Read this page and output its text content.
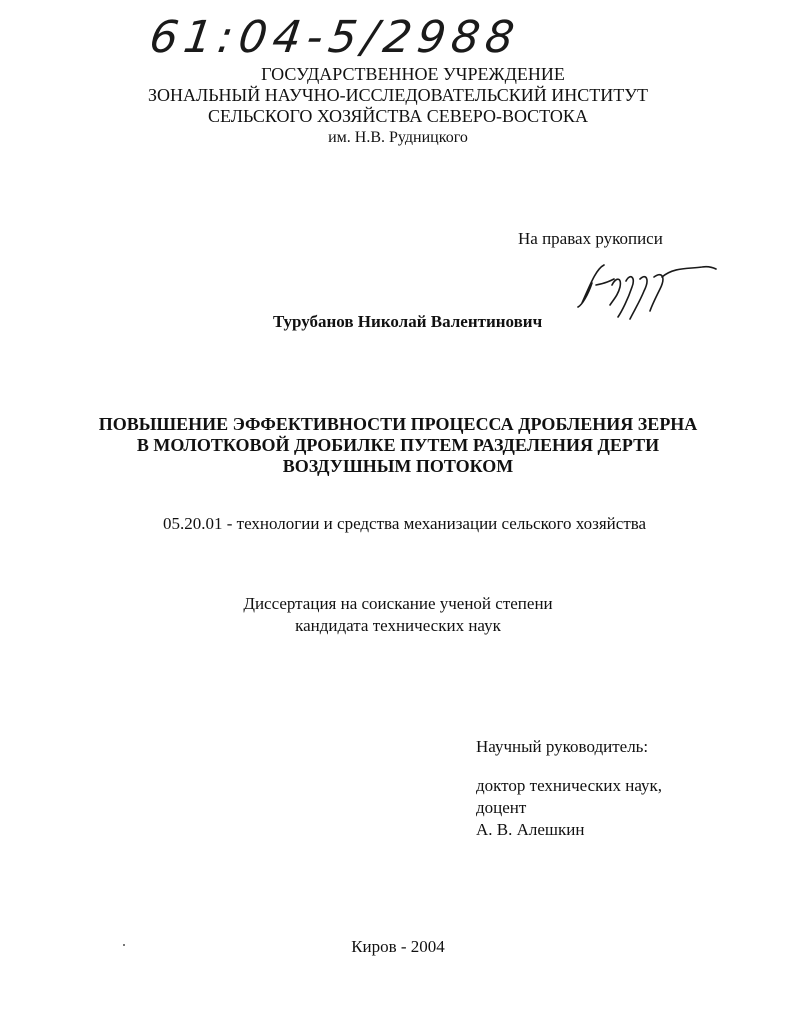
61:04-5/2988
ГОСУДАРСТВЕННОЕ УЧРЕЖДЕНИЕ
ЗОНАЛЬНЫЙ НАУЧНО-ИССЛЕДОВАТЕЛЬСКИЙ ИНСТИТУТ
СЕЛЬСКОГО ХОЗЯЙСТВА СЕВЕРО-ВОСТОКА
им. Н.В. Рудницкого
На правах рукописи
Турубанов Николай Валентинович
ПОВЫШЕНИЕ ЭФФЕКТИВНОСТИ ПРОЦЕССА ДРОБЛЕНИЯ ЗЕРНА
В МОЛОТКОВОЙ ДРОБИЛКЕ ПУТЕМ РАЗДЕЛЕНИЯ ДЕРТИ
ВОЗДУШНЫМ ПОТОКОМ
05.20.01 - технологии и средства механизации сельского хозяйства
Диссертация на соискание ученой степени
кандидата технических наук
Научный руководитель:
доктор технических наук,
доцент
А. В. Алешкин
Киров - 2004
